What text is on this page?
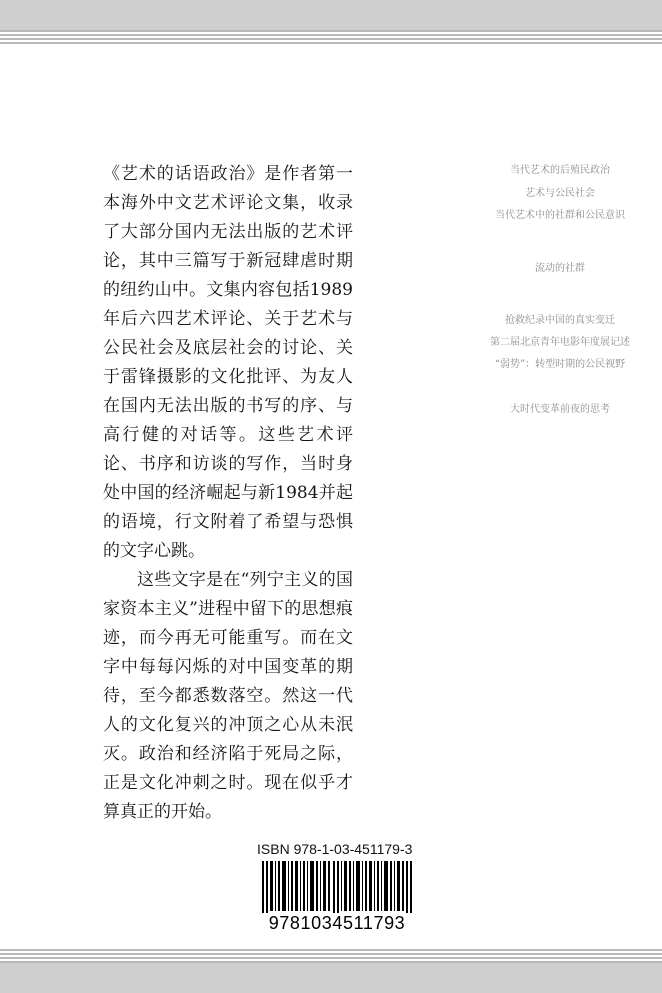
《艺术的话语政治》是作者第一本海外中文艺术评论文集，收录了大部分国内无法出版的艺术评论，其中三篇写于新冠肆虐时期的纽约山中。文集内容包括1989年后六四艺术评论、关于艺术与公民社会及底层社会的讨论、关于雷锋摄影的文化批评、为友人在国内无法出版的书写的序、与高行健的对话等。这些艺术评论、书序和访谈的写作，当时身处中国的经济崛起与新1984并起的语境，行文附着了希望与恐惧的文字心跳。

这些文字是在“列宁主义的国家资本主义”进程中留下的思想痕迹，而今再无可能重写。而在文字中每每闪烁的对中国变革的期待，至今都悉数落空。然这一代人的文化复兴的冲顶之心从未泯灭。政治和经济陷于死局之际，正是文化冲刺之时。现在似乎才算真正的开始。

当代艺术的后殖民政治
艺术与公民社会
当代艺术中的社群和公民意识
流动的社群
抢救纪录中国的真实变迁
第二届北京青年电影年度展记述
“弱势”：转型时期的公民视野
大时代变革前夜的思考
ISBN 978-1-03-451179-3
9781034511793
